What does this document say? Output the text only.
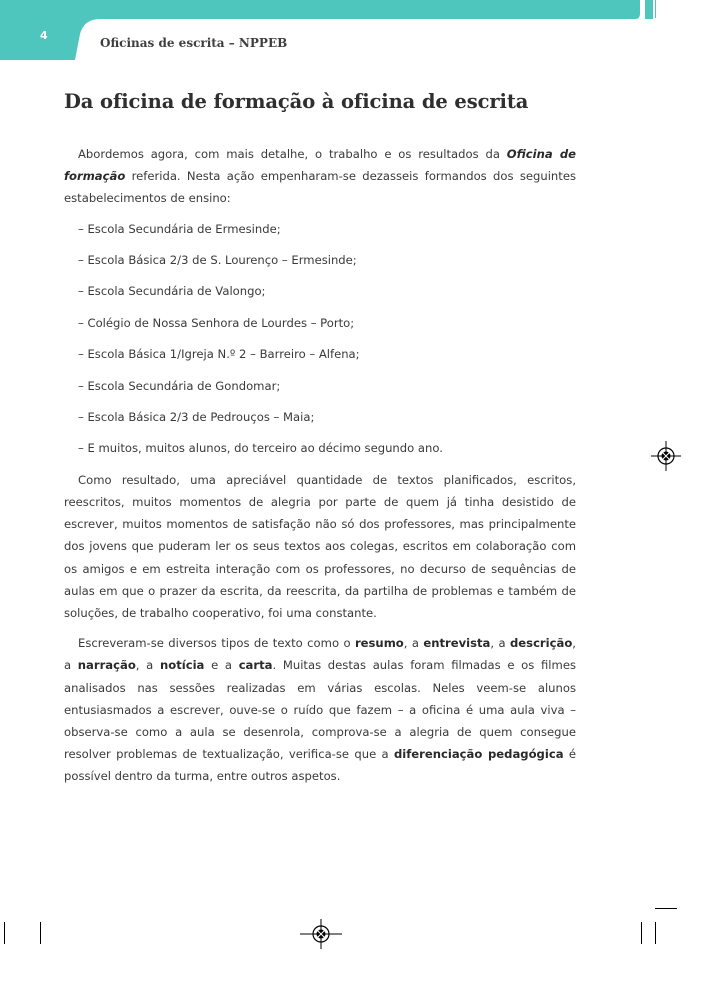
4
Oficinas de escrita – NPPEB
Da oficina de formação à oficina de escrita

Abordemos agora, com mais detalhe, o trabalho e os resultados da Oficina de formação referida. Nesta ação empenharam-se dezasseis formandos dos seguintes estabelecimentos de ensino:

– Escola Secundária de Ermesinde;
– Escola Básica 2/3 de S. Lourenço – Ermesinde;
– Escola Secundária de Valongo;
– Colégio de Nossa Senhora de Lourdes – Porto;
– Escola Básica 1/Igreja N.º 2 – Barreiro – Alfena;
– Escola Secundária de Gondomar;
– Escola Básica 2/3 de Pedrouços – Maia;
– E muitos, muitos alunos, do terceiro ao décimo segundo ano.

Como resultado, uma apreciável quantidade de textos planificados, escritos, reescritos, muitos momentos de alegria por parte de quem já tinha desistido de escrever, muitos momentos de satisfação não só dos professores, mas principalmente dos jovens que puderam ler os seus textos aos colegas, escritos em colaboração com os amigos e em estreita interação com os professores, no decurso de sequências de aulas em que o prazer da escrita, da reescrita, da partilha de problemas e também de soluções, de trabalho cooperativo, foi uma constante.

Escreveram-se diversos tipos de texto como o resumo, a entrevista, a descrição, a narração, a notícia e a carta. Muitas destas aulas foram filmadas e os filmes analisados nas sessões realizadas em várias escolas. Neles veem-se alunos entusiasmados a escrever, ouve-se o ruído que fazem – a oficina é uma aula viva – observa-se como a aula se desenrola, comprova-se a alegria de quem consegue resolver problemas de textualização, verifica-se que a diferenciação pedagógica é possível dentro da turma, entre outros aspetos.
